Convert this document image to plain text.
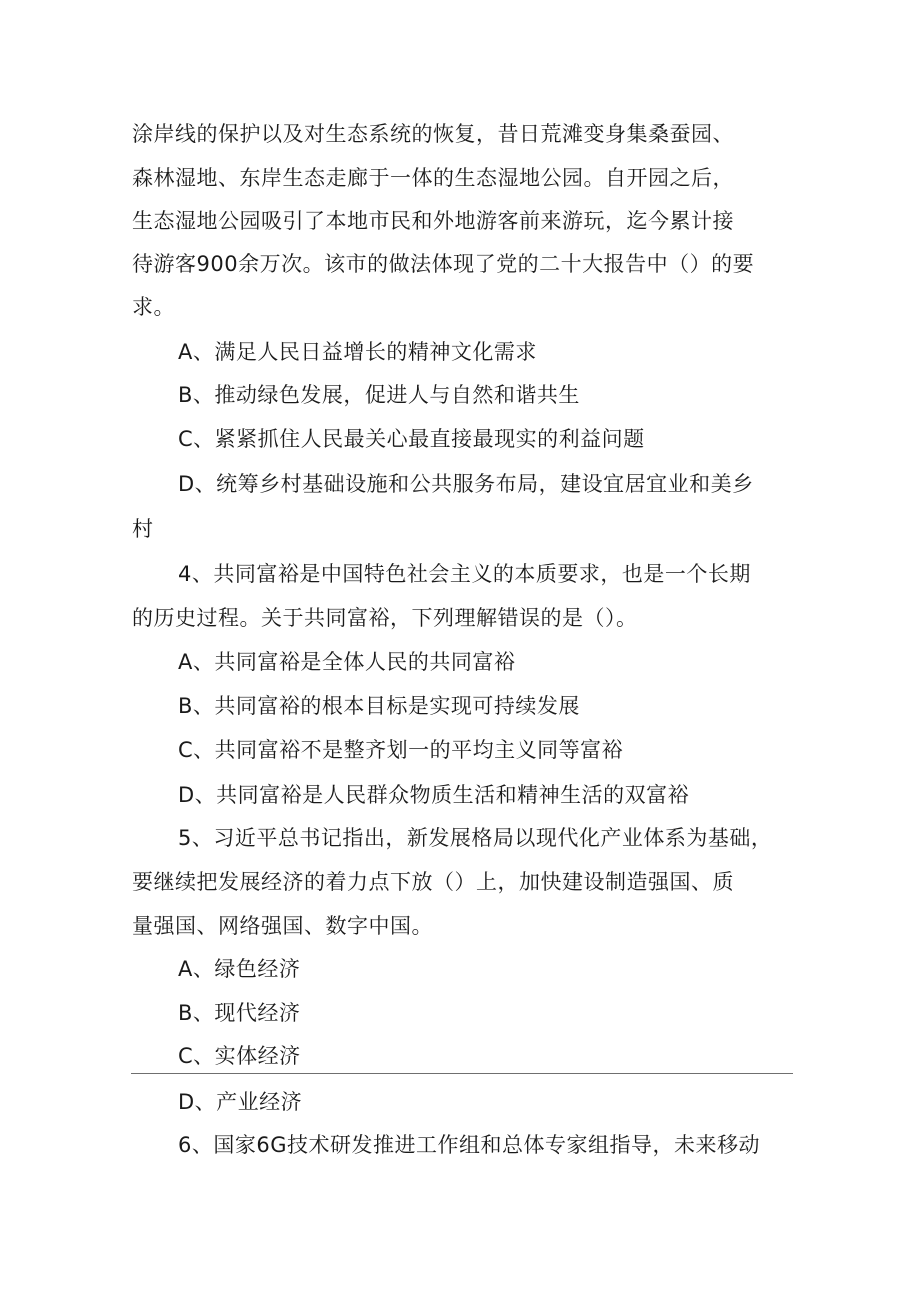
涂岸线的保护以及对生态系统的恢复，昔日荒滩变身集桑蚕园、
森林湿地、东岸生态走廊于一体的生态湿地公园。自开园之后，
生态湿地公园吸引了本地市民和外地游客前来游玩，迄今累计接
待游客900余万次。该市的做法体现了党的二十大报告中（）的要
求。
A、满足人民日益增长的精神文化需求
B、推动绿色发展，促进人与自然和谐共生
C、紧紧抓住人民最关心最直接最现实的利益问题
D、统筹乡村基础设施和公共服务布局，建设宜居宜业和美乡
村
4、共同富裕是中国特色社会主义的本质要求，也是一个长期
的历史过程。关于共同富裕，下列理解错误的是（）。
A、共同富裕是全体人民的共同富裕
B、共同富裕的根本目标是实现可持续发展
C、共同富裕不是整齐划一的平均主义同等富裕
D、共同富裕是人民群众物质生活和精神生活的双富裕
5、习近平总书记指出，新发展格局以现代化产业体系为基础，
要继续把发展经济的着力点下放（）上，加快建设制造强国、质
量强国、网络强国、数字中国。
A、绿色经济
B、现代经济
C、实体经济
D、产业经济
6、国家6G技术研发推进工作组和总体专家组指导，未来移动
